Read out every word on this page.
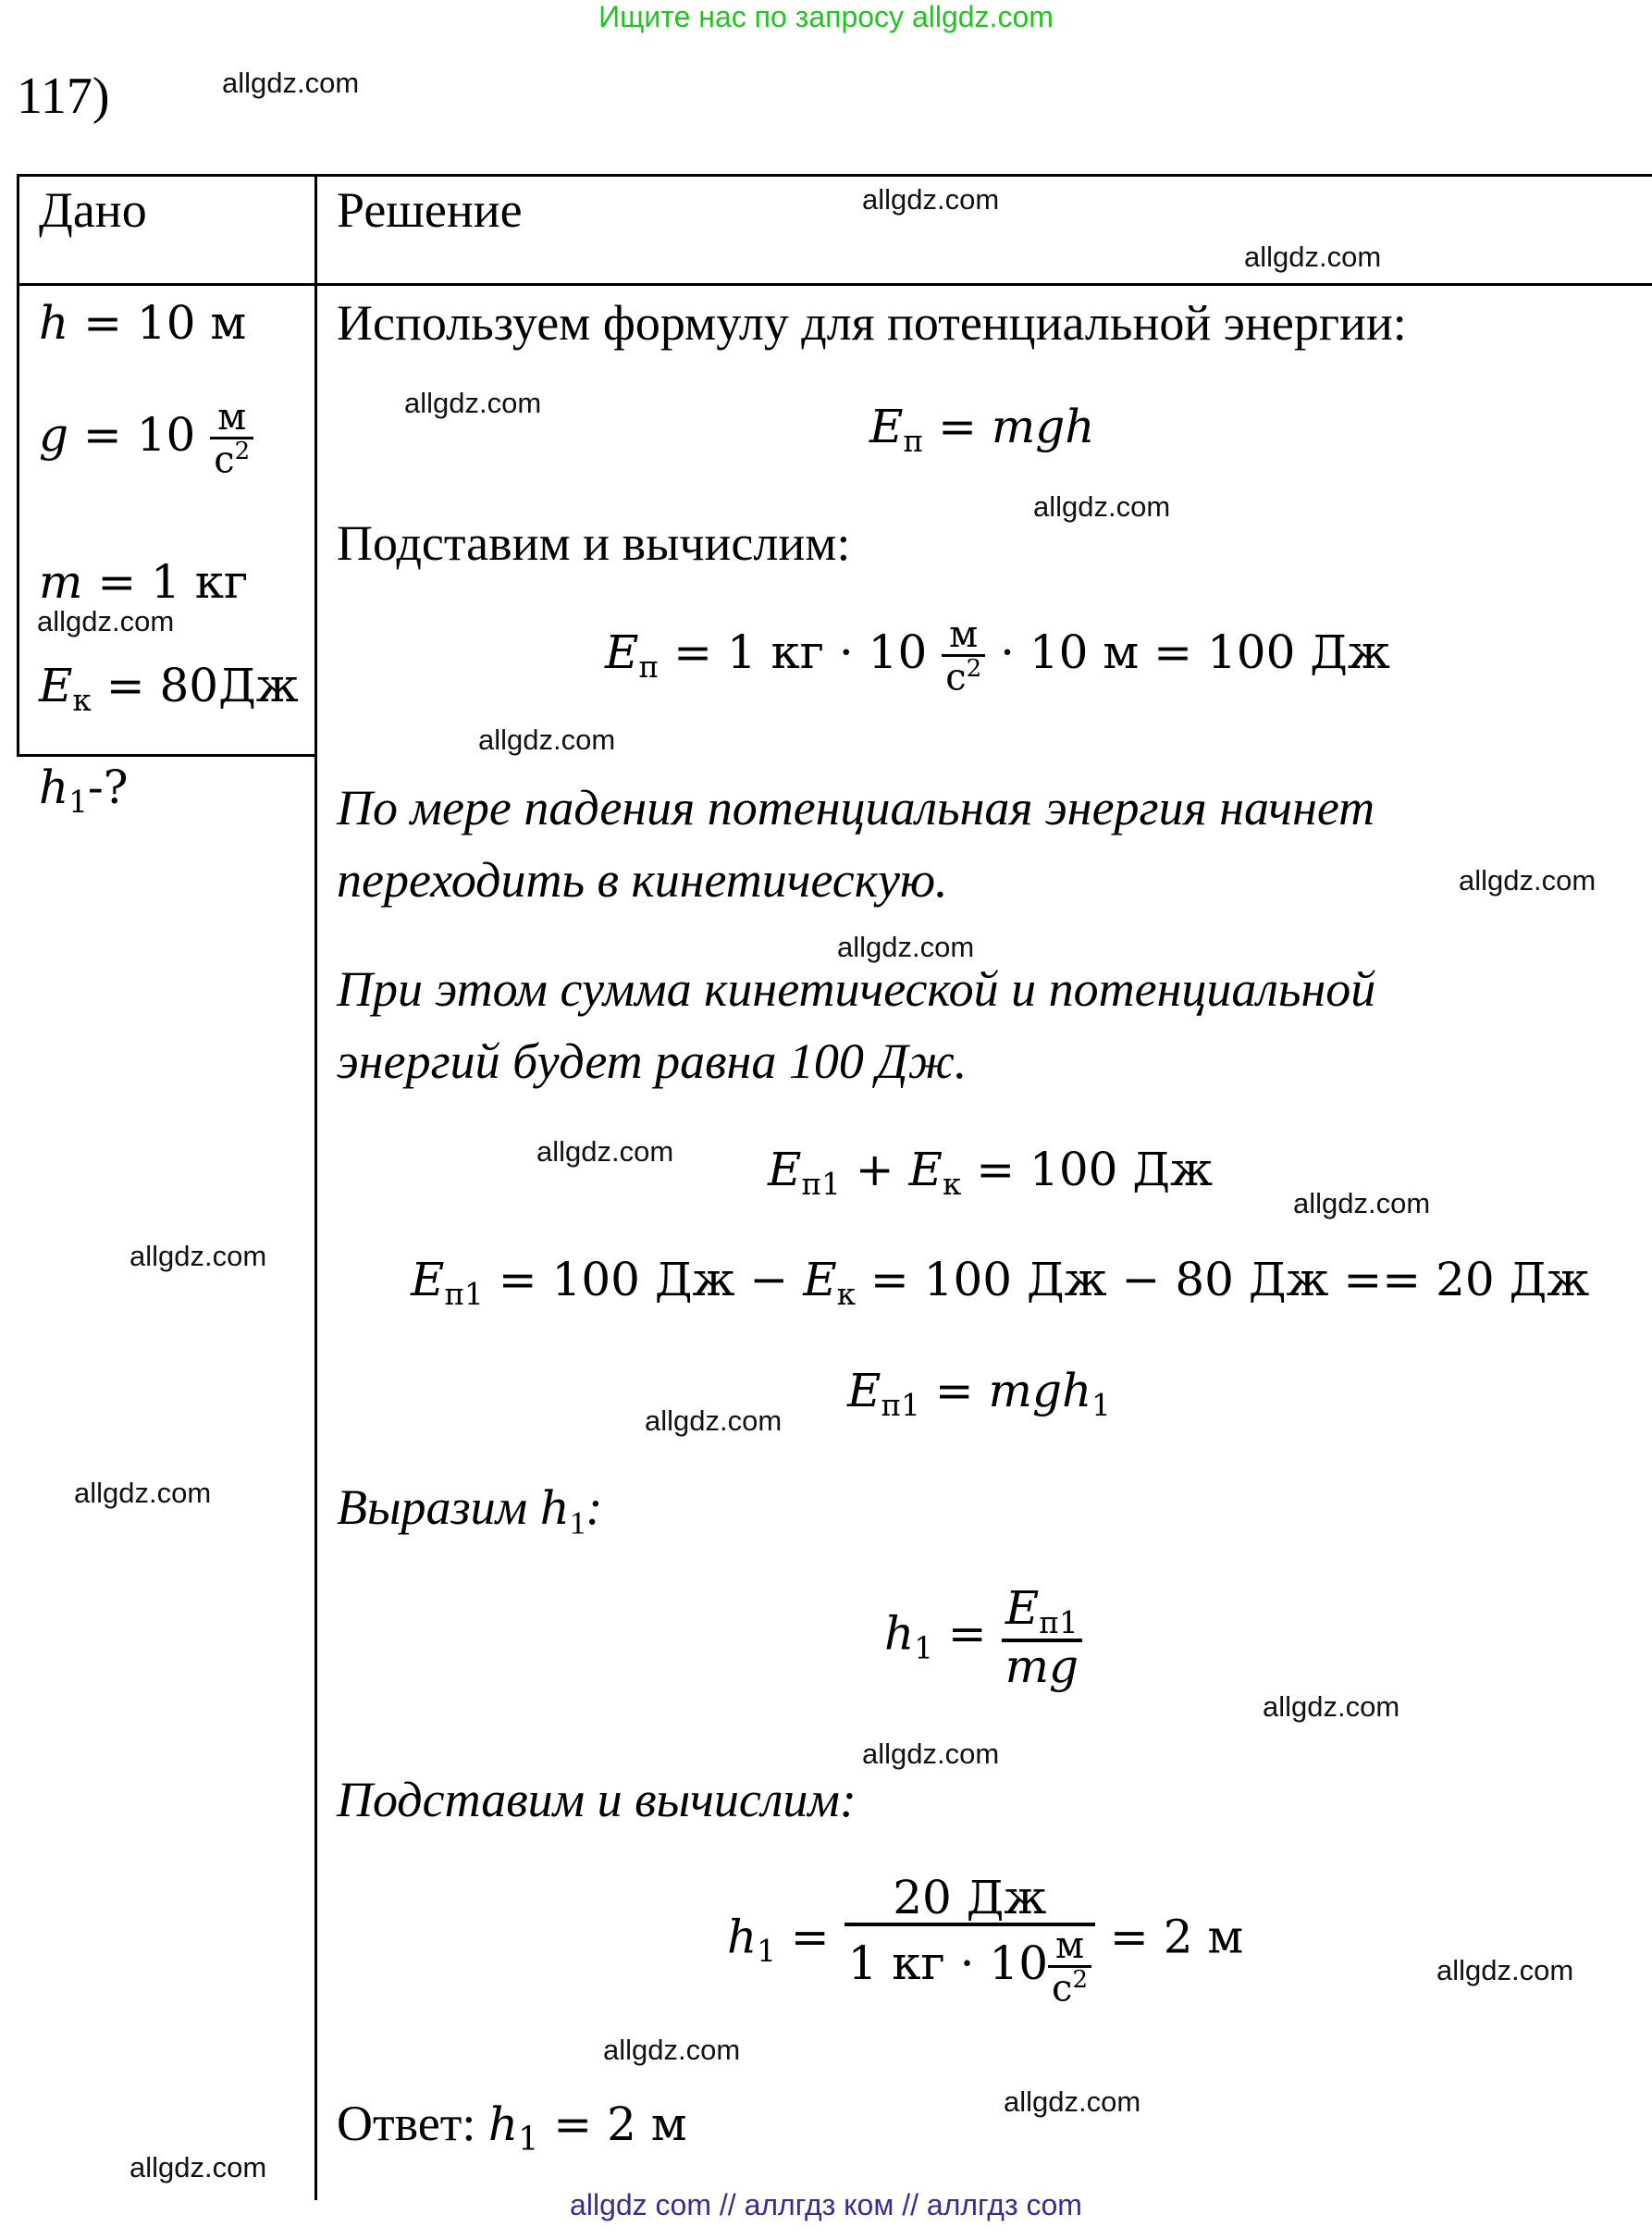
Ищите нас по запросу allgdz.com
allgdz com // аллгдз ком // аллгдз com
117)
Дано	Решение
h = 10 м
$g = 10 \frac{м}{с^2}$
m = 1 кг
$E_к = 80Дж$
$h_1-$?
Используем формулу для потенциальной энергии:
$E_п$ = mgh
Подставим и вычислим:
$E_п = 1$ кг · $10 \frac{м}{с^2} \cdot 10$ м = 100 Дж
По мере падения потенциальная энергия начнет
переходить в кинетическую.
При этом сумма кинетической и потенциальной
энергий будет равна 100 Дж.
$E_{п1} + E_к = 100$ Дж
$E_{п1} = 100$ Дж − $E_к = 100$ Дж − 80 Дж == 20 Дж
$E_{п1} = mgh_1$
Выразим $h_1$:
$h_1 = \frac{E_{п1}}{mg}$
Подставим и вычислим:
$h_1 = \frac{20 Дж}{1 кг \cdot 10 \frac{м}{с^2}} = 2$ м
Ответ: $h_1 = 2$ м
allgdz.com
allgdz.com
allgdz.com
allgdz.com
allgdz.com
allgdz.com
allgdz.com
allgdz.com
allgdz.com
allgdz.com
allgdz.com
allgdz.com
allgdz.com
allgdz.com
allgdz.com
allgdz.com
allgdz.com
allgdz.com
allgdz.com
allgdz.com
